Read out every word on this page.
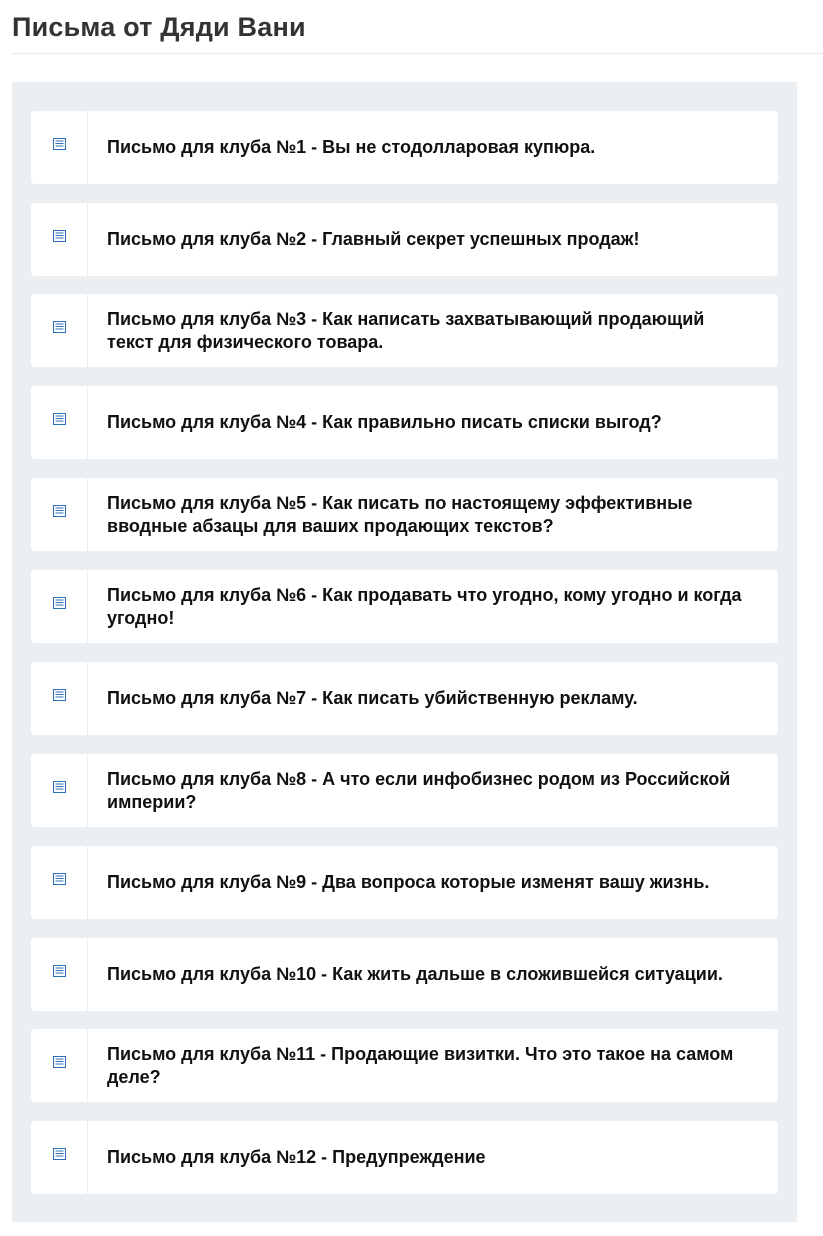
Письма от Дяди Вани
Письмо для клуба №1 - Вы не стодолларовая купюра.
Письмо для клуба №2 - Главный секрет успешных продаж!
Письмо для клуба №3 - Как написать захватывающий продающий текст для физического товара.
Письмо для клуба №4 - Как правильно писать списки выгод?
Письмо для клуба №5 - Как писать по настоящему эффективные вводные абзацы для ваших продающих текстов?
Письмо для клуба №6 - Как продавать что угодно, кому угодно и когда угодно!
Письмо для клуба №7 - Как писать убийственную рекламу.
Письмо для клуба №8 - А что если инфобизнес родом из Российской империи?
Письмо для клуба №9 - Два вопроса которые изменят вашу жизнь.
Письмо для клуба №10 - Как жить дальше в сложившейся ситуации.
Письмо для клуба №11 - Продающие визитки. Что это такое на самом деле?
Письмо для клуба №12 - Предупреждение
